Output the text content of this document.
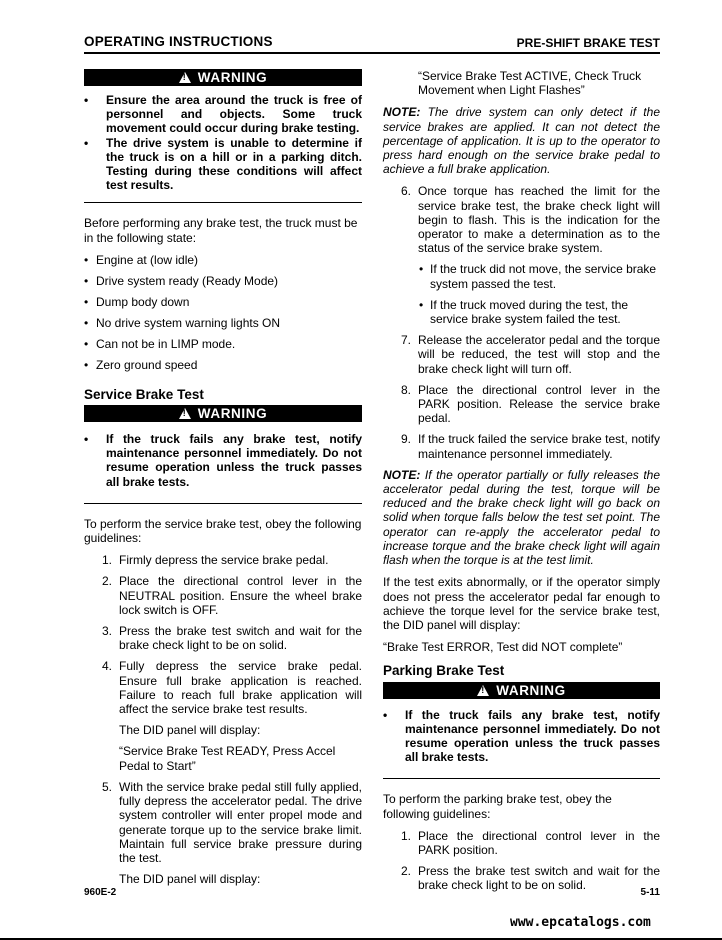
OPERATING INSTRUCTIONS	PRE-SHIFT BRAKE TEST
!
WARNING
• Ensure the area around the truck is free of personnel and objects. Some truck movement could occur during brake testing.
• The drive system is unable to determine if the truck is on a hill or in a parking ditch. Testing during these conditions will affect test results.

Before performing any brake test, the truck must be in the following state:

• Engine at (low idle)
• Drive system ready (Ready Mode)
• Dump body down
• No drive system warning lights ON
• Can not be in LIMP mode.
• Zero ground speed
Service Brake Test
!
WARNING
• If the truck fails any brake test, notify maintenance personnel immediately. Do not resume operation unless the truck passes all brake tests.

To perform the service brake test, obey the following guidelines:

1. Firmly depress the service brake pedal.
2. Place the directional control lever in the NEUTRAL position. Ensure the wheel brake lock switch is OFF.
3. Press the brake test switch and wait for the brake check light to be on solid.
4. Fully depress the service brake pedal. Ensure full brake application is reached. Failure to reach full brake application will affect the service brake test results.

The DID panel will display:

“Service Brake Test READY, Press Accel Pedal to Start”

5. With the service brake pedal still fully applied, fully depress the accelerator pedal. The drive system controller will enter propel mode and generate torque up to the service brake limit. Maintain full service brake pressure during the test.

The DID panel will display:

“Service Brake Test ACTIVE, Check Truck Movement when Light Flashes”

NOTE: The drive system can only detect if the service brakes are applied. It can not detect the percentage of application. It is up to the operator to press hard enough on the service brake pedal to achieve a full brake application.

6. Once torque has reached the limit for the service brake test, the brake check light will begin to flash. This is the indication for the operator to make a determination as to the status of the service brake system.
• If the truck did not move, the service brake system passed the test.
• If the truck moved during the test, the service brake system failed the test.
7. Release the accelerator pedal and the torque will be reduced, the test will stop and the brake check light will turn off.
8. Place the directional control lever in the PARK position. Release the service brake pedal.
9. If the truck failed the service brake test, notify maintenance personnel immediately.

NOTE: If the operator partially or fully releases the accelerator pedal during the test, torque will be reduced and the brake check light will go back on solid when torque falls below the test set point. The operator can re-apply the accelerator pedal to increase torque and the brake check light will again flash when the torque is at the test limit.

If the test exits abnormally, or if the operator simply does not press the accelerator pedal far enough to achieve the torque level for the service brake test, the DID panel will display:

“Brake Test ERROR, Test did NOT complete”

Parking Brake Test
!
WARNING
• If the truck fails any brake test, notify maintenance personnel immediately. Do not resume operation unless the truck passes all brake tests.

To perform the parking brake test, obey the following guidelines:

1. Place the directional control lever in the PARK position.
2. Press the brake test switch and wait for the brake check light to be on solid.
960E-2	5-11
www.epcatalogs.com
